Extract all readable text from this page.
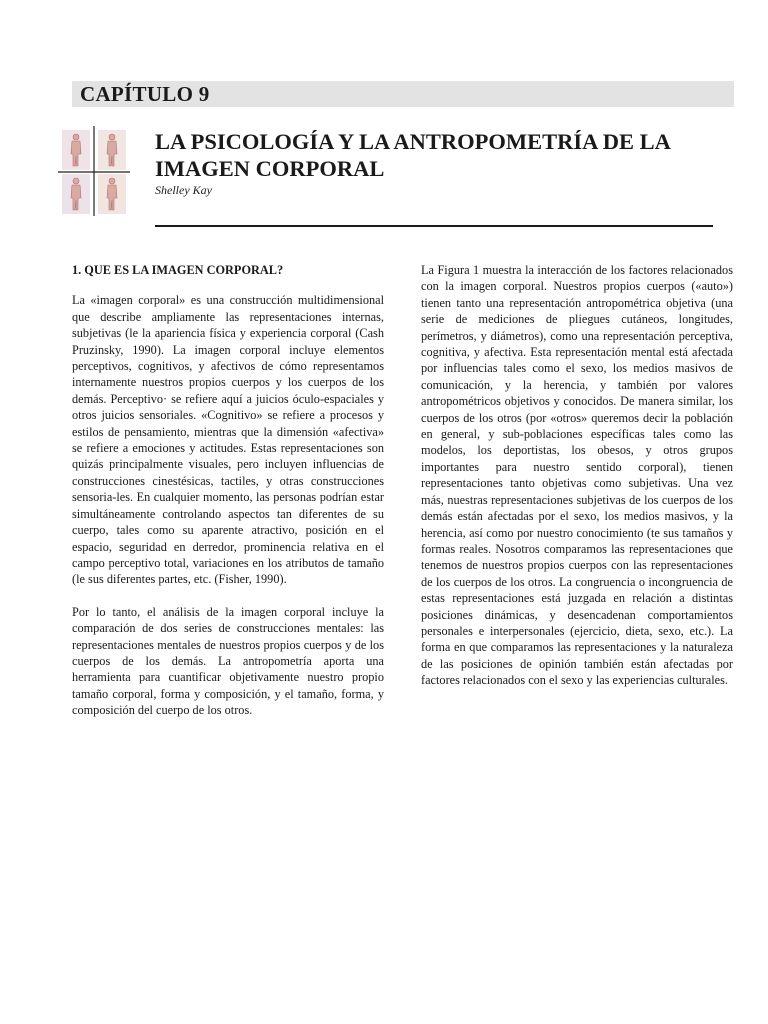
CAPÍTULO 9
LA PSICOLOGÍA Y LA ANTROPOMETRÍA DE LA IMAGEN CORPORAL
Shelley Kay
1. QUE ES LA IMAGEN CORPORAL?

La «imagen corporal» es una construcción multidimensional que describe ampliamente las representaciones internas, subjetivas (le la apariencia física y experiencia corporal (Cash Pruzinsky, 1990). La imagen corporal incluye elementos perceptivos, cognitivos, y afectivos de cómo representamos internamente nuestros propios cuerpos y los cuerpos de los demás. Perceptivo· se refiere aquí a juicios óculo-espaciales y otros juicios sensoriales. «Cognitivo» se refiere a procesos y estilos de pensamiento, mientras que la dimensión «afectiva» se refiere a emociones y actitudes. Estas representaciones son quizás principalmente visuales, pero incluyen influencias de construcciones cinestésicas, tactiles, y otras construcciones sensoria-les. En cualquier momento, las personas podrían estar simultáneamente controlando aspectos tan diferentes de su cuerpo, tales como su aparente atractivo, posición en el espacio, seguridad en derredor, prominencia relativa en el campo perceptivo total, variaciones en los atributos de tamaño (le sus diferentes partes, etc. (Fisher, 1990).

Por lo tanto, el análisis de la imagen corporal incluye la comparación de dos series de construcciones mentales: las representaciones mentales de nuestros propios cuerpos y de los cuerpos de los demás. La antropometría aporta una herramienta para cuantificar objetivamente nuestro propio tamaño corporal, forma y composición, y el tamaño, forma, y composición del cuerpo de los otros.

La Figura 1 muestra la interacción de los factores relacionados con la imagen corporal. Nuestros propios cuerpos («auto») tienen tanto una representación antropométrica objetiva (una serie de mediciones de pliegues cutáneos, longitudes, perímetros, y diámetros), como una representación perceptiva, cognitiva, y afectiva. Esta representación mental está afectada por influencias tales como el sexo, los medios masivos de comunicación, y la herencia, y también por valores antropométricos objetivos y conocidos. De manera similar, los cuerpos de los otros (por «otros» queremos decir la población en general, y sub-poblaciones específicas tales como las modelos, los deportistas, los obesos, y otros grupos importantes para nuestro sentido corporal), tienen representaciones tanto objetivas como subjetivas. Una vez más, nuestras representaciones subjetivas de los cuerpos de los demás están afectadas por el sexo, los medios masivos, y la herencia, así como por nuestro conocimiento (te sus tamaños y formas reales. Nosotros comparamos las representaciones que tenemos de nuestros propios cuerpos con las representaciones de los cuerpos de los otros. La congruencia o incongruencia de estas representaciones está juzgada en relación a distintas posiciones dinámicas, y desencadenan comportamientos personales e interpersonales (ejercicio, dieta, sexo, etc.). La forma en que comparamos las representaciones y la naturaleza de las posiciones de opinión también están afectadas por factores relacionados con el sexo y las experiencias culturales.
